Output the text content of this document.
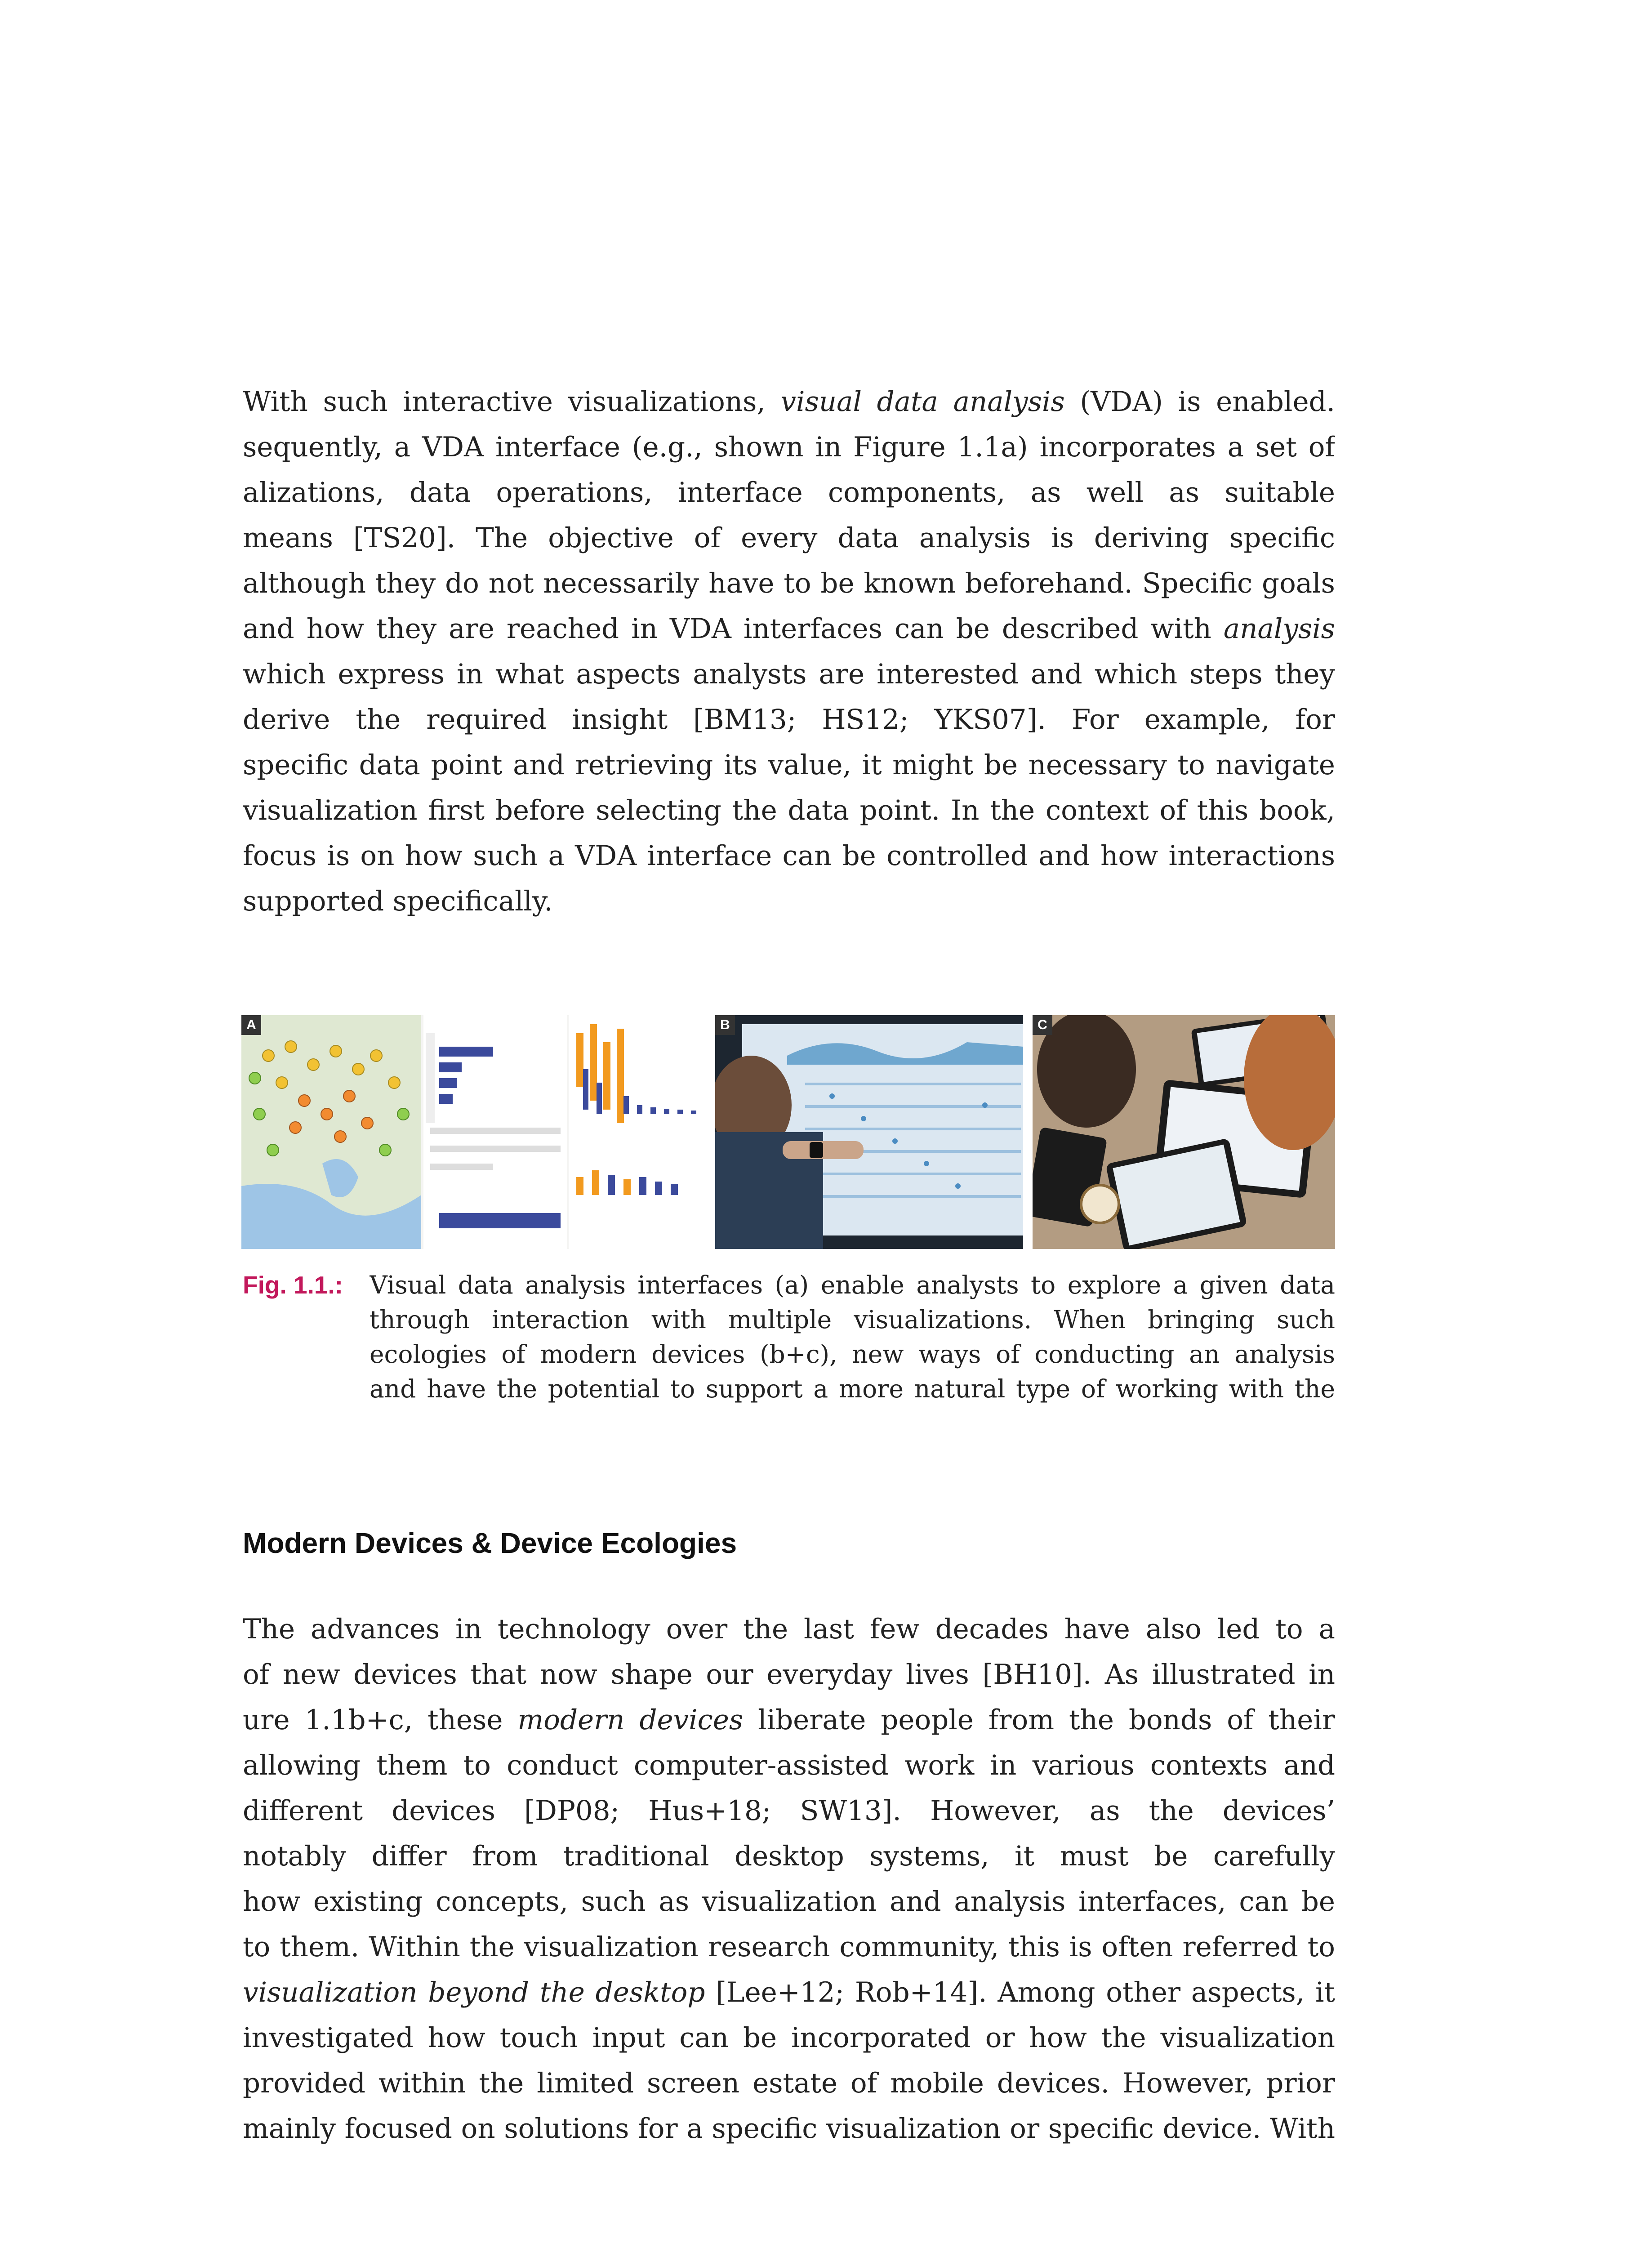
With such interactive visualizations, visual data analysis (VDA) is enabled.
sequently, a VDA interface (e.g., shown in Figure 1.1a) incorporates a set of
alizations, data operations, interface components, as well as suitable
means [TS20]. The objective of every data analysis is deriving specific
although they do not necessarily have to be known beforehand. Specific goals
and how they are reached in VDA interfaces can be described with analysis
which express in what aspects analysts are interested and which steps they
derive the required insight [BM13; HS12; YKS07]. For example, for
specific data point and retrieving its value, it might be necessary to navigate
visualization first before selecting the data point. In the context of this book,
focus is on how such a VDA interface can be controlled and how interactions
supported specifically.
A	B	C
Fig. 1.1.: Visual data analysis interfaces (a) enable analysts to explore a given data
through interaction with multiple visualizations. When bringing such
ecologies of modern devices (b+c), new ways of conducting an analysis
and have the potential to support a more natural type of working with the
Modern Devices & Device Ecologies
The advances in technology over the last few decades have also led to a
of new devices that now shape our everyday lives [BH10]. As illustrated in
ure 1.1b+c, these modern devices liberate people from the bonds of their
allowing them to conduct computer-assisted work in various contexts and
different devices [DP08; Hus+18; SW13]. However, as the devices’
notably differ from traditional desktop systems, it must be carefully
how existing concepts, such as visualization and analysis interfaces, can be
to them. Within the visualization research community, this is often referred to
visualization beyond the desktop [Lee+12; Rob+14]. Among other aspects, it
investigated how touch input can be incorporated or how the visualization
provided within the limited screen estate of mobile devices. However, prior
mainly focused on solutions for a specific visualization or specific device. With
